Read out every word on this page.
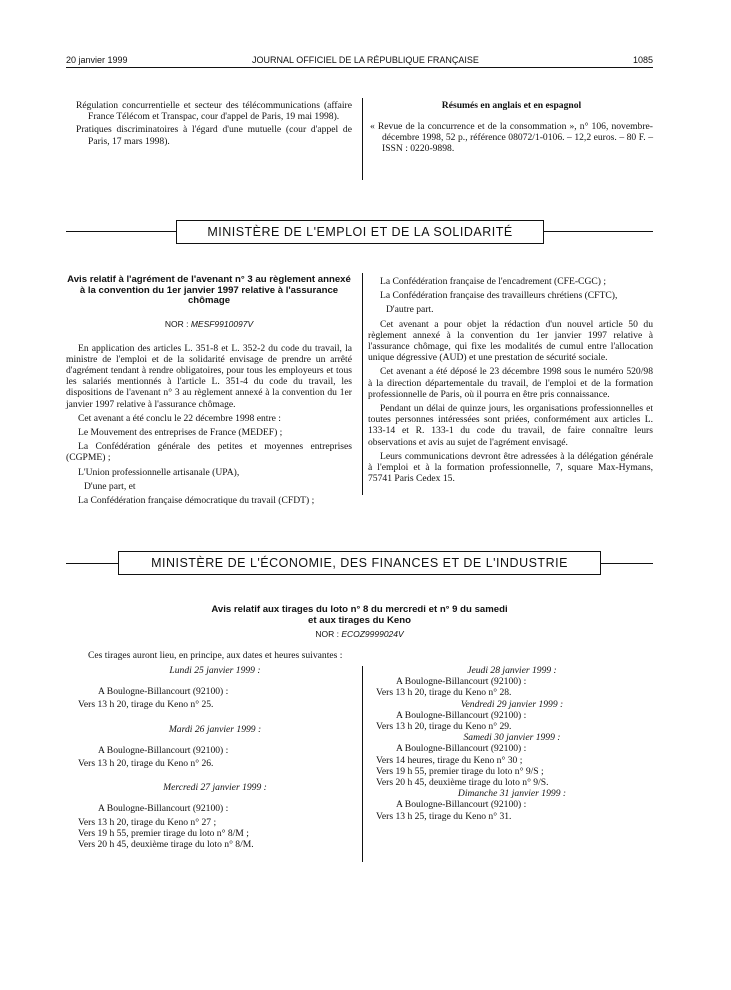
20 janvier 1999	JOURNAL OFFICIEL DE LA RÉPUBLIQUE FRANÇAISE	1085

Régulation concurrentielle et secteur des télécommunications (affaire France Télécom et Transpac, cour d'appel de Paris, 19 mai 1998).

Pratiques discriminatoires à l'égard d'une mutuelle (cour d'appel de Paris, 17 mars 1998).

Résumés en anglais et en espagnol

« Revue de la concurrence et de la consommation », n° 106, novembre-décembre 1998, 52 p., référence 08072/1-0106. – 12,2 euros. – 80 F. – ISSN : 0220-9898.

MINISTÈRE DE L'EMPLOI ET DE LA SOLIDARITÉ
Avis relatif à l'agrément de l'avenant n° 3 au règlement annexé à la convention du 1er janvier 1997 relative à l'assurance chômage
NOR : MESF9910097V

En application des articles L. 351-8 et L. 352-2 du code du travail, la ministre de l'emploi et de la solidarité envisage de prendre un arrêté d'agrément tendant à rendre obligatoires, pour tous les employeurs et tous les salariés mentionnés à l'article L. 351-4 du code du travail, les dispositions de l'avenant n° 3 au règlement annexé à la convention du 1er janvier 1997 relative à l'assurance chômage.

Cet avenant a été conclu le 22 décembre 1998 entre :

Le Mouvement des entreprises de France (MEDEF) ;

La Confédération générale des petites et moyennes entreprises (CGPME) ;

L'Union professionnelle artisanale (UPA),

D'une part, et

La Confédération française démocratique du travail (CFDT) ;

La Confédération française de l'encadrement (CFE-CGC) ;

La Confédération française des travailleurs chrétiens (CFTC),

D'autre part.

Cet avenant a pour objet la rédaction d'un nouvel article 50 du règlement annexé à la convention du 1er janvier 1997 relative à l'assurance chômage, qui fixe les modalités de cumul entre l'allocation unique dégressive (AUD) et une prestation de sécurité sociale.

Cet avenant a été déposé le 23 décembre 1998 sous le numéro 520/98 à la direction départementale du travail, de l'emploi et de la formation professionnelle de Paris, où il pourra en être pris connaissance.

Pendant un délai de quinze jours, les organisations professionnelles et toutes personnes intéressées sont priées, conformément aux articles L. 133-14 et R. 133-1 du code du travail, de faire connaître leurs observations et avis au sujet de l'agrément envisagé.

Leurs communications devront être adressées à la délégation générale à l'emploi et à la formation professionnelle, 7, square Max-Hymans, 75741 Paris Cedex 15.

MINISTÈRE DE L'ÉCONOMIE, DES FINANCES ET DE L'INDUSTRIE
Avis relatif aux tirages du loto n° 8 du mercredi et n° 9 du samedi
et aux tirages du Keno
NOR : ECOZ9999024V
Ces tirages auront lieu, en principe, aux dates et heures suivantes :
Lundi 25 janvier 1999 :
A Boulogne-Billancourt (92100) :
Vers 13 h 20, tirage du Keno n° 25.
Mardi 26 janvier 1999 :
A Boulogne-Billancourt (92100) :
Vers 13 h 20, tirage du Keno n° 26.
Mercredi 27 janvier 1999 :
A Boulogne-Billancourt (92100) :
Vers 13 h 20, tirage du Keno n° 27 ;
Vers 19 h 55, premier tirage du loto n° 8/M ;
Vers 20 h 45, deuxième tirage du loto n° 8/M.
Jeudi 28 janvier 1999 :
A Boulogne-Billancourt (92100) :
Vers 13 h 20, tirage du Keno n° 28.
Vendredi 29 janvier 1999 :
A Boulogne-Billancourt (92100) :
Vers 13 h 20, tirage du Keno n° 29.
Samedi 30 janvier 1999 :
A Boulogne-Billancourt (92100) :
Vers 14 heures, tirage du Keno n° 30 ;
Vers 19 h 55, premier tirage du loto n° 9/S ;
Vers 20 h 45, deuxième tirage du loto n° 9/S.
Dimanche 31 janvier 1999 :
A Boulogne-Billancourt (92100) :
Vers 13 h 25, tirage du Keno n° 31.
